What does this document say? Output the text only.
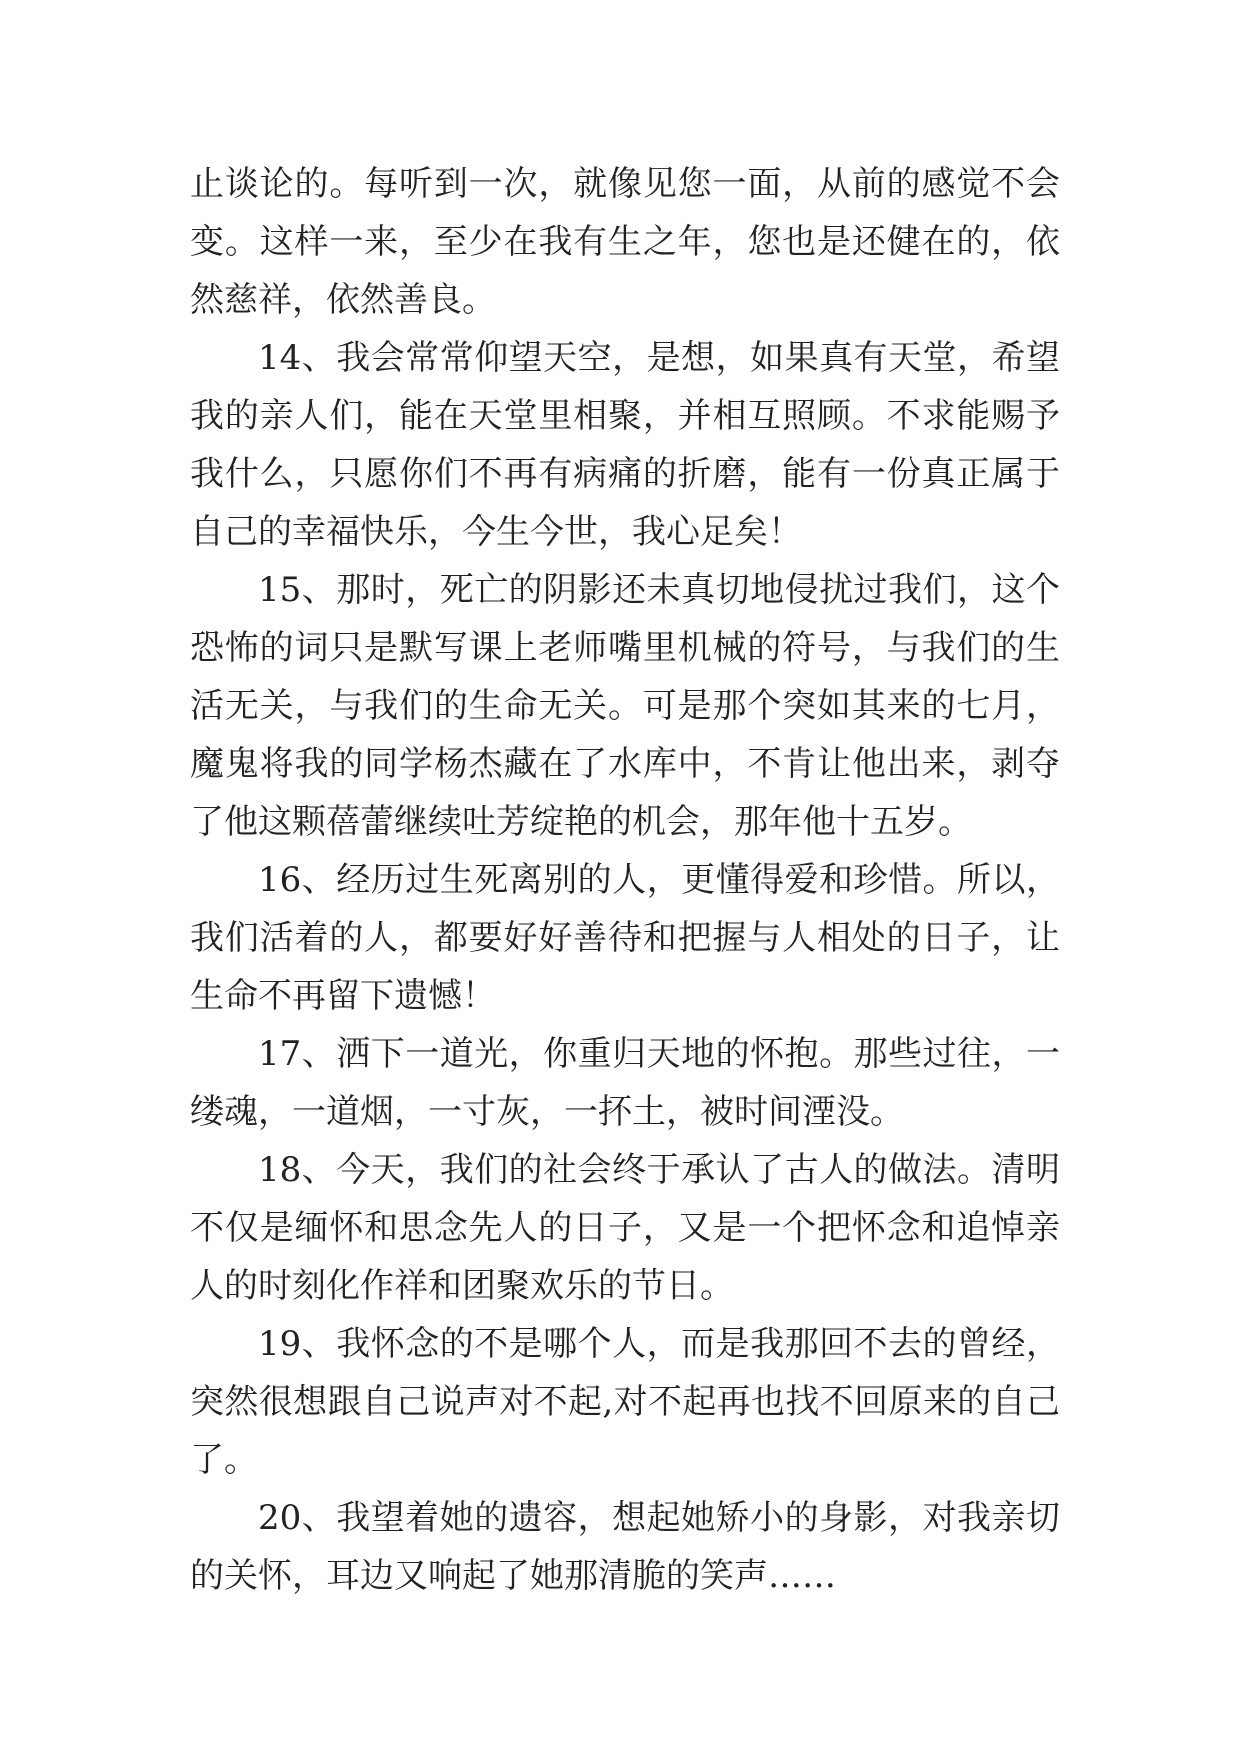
止谈论的。每听到一次，就像见您一面，从前的感觉不会变。这样一来，至少在我有生之年，您也是还健在的，依然慈祥，依然善良。

14、我会常常仰望天空，是想，如果真有天堂，希望我的亲人们，能在天堂里相聚，并相互照顾。不求能赐予我什么，只愿你们不再有病痛的折磨，能有一份真正属于自己的幸福快乐，今生今世，我心足矣！

15、那时，死亡的阴影还未真切地侵扰过我们，这个恐怖的词只是默写课上老师嘴里机械的符号，与我们的生活无关，与我们的生命无关。可是那个突如其来的七月，魔鬼将我的同学杨杰藏在了水库中，不肯让他出来，剥夺了他这颗蓓蕾继续吐芳绽艳的机会，那年他十五岁。

16、经历过生死离别的人，更懂得爱和珍惜。所以，我们活着的人，都要好好善待和把握与人相处的日子，让生命不再留下遗憾！

17、洒下一道光，你重归天地的怀抱。那些过往，一缕魂，一道烟，一寸灰，一抔土，被时间湮没。

18、今天，我们的社会终于承认了古人的做法。清明不仅是缅怀和思念先人的日子，又是一个把怀念和追悼亲人的时刻化作祥和团聚欢乐的节日。

19、我怀念的不是哪个人，而是我那回不去的曾经，突然很想跟自己说声对不起,对不起再也找不回原来的自己了。

20、我望着她的遗容，想起她矫小的身影，对我亲切的关怀，耳边又响起了她那清脆的笑声……
